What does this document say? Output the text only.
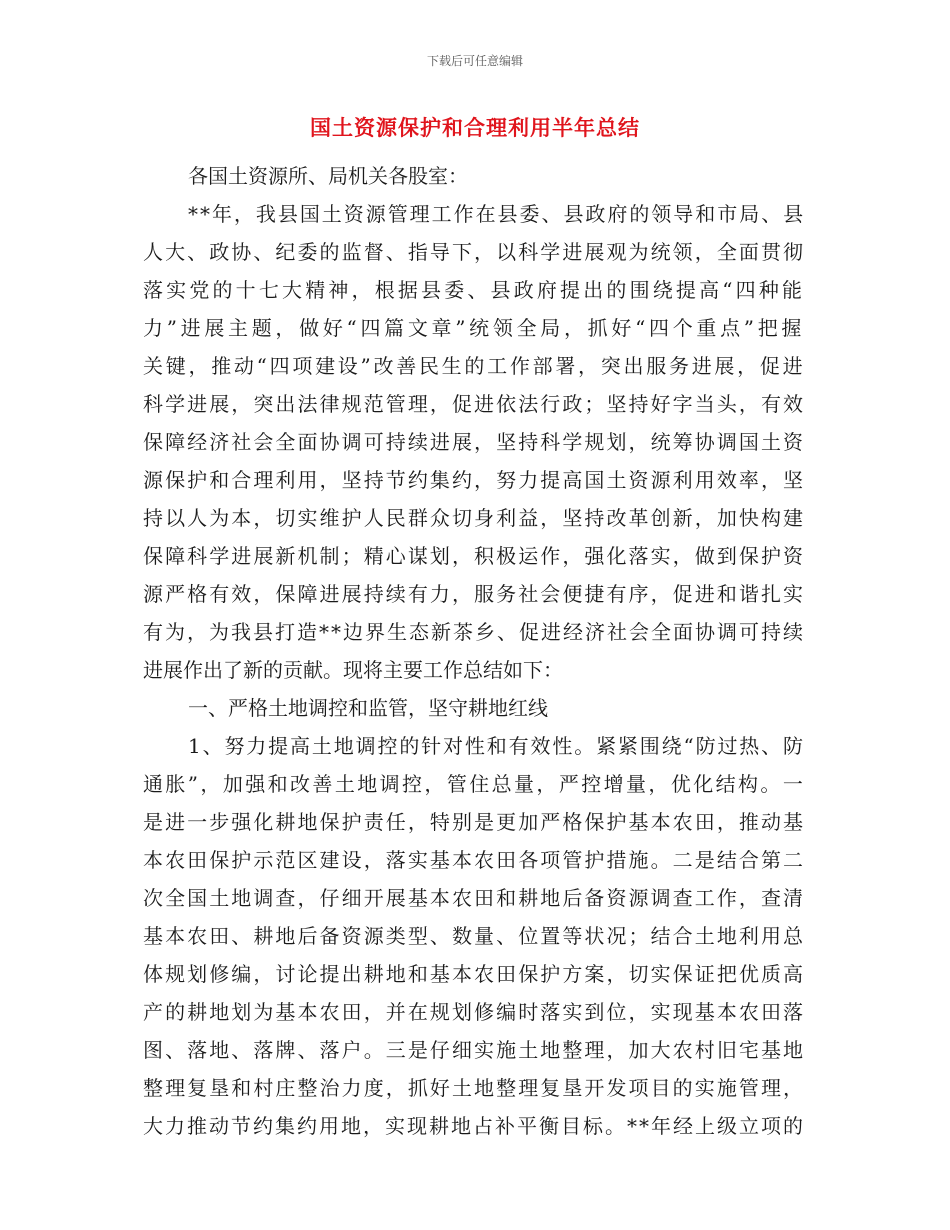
下载后可任意编辑
国土资源保护和合理利用半年总结
各国土资源所、局机关各股室：
**年，我县国土资源管理工作在县委、县政府的领导和市局、县
人大、政协、纪委的监督、指导下，以科学进展观为统领，全面贯彻
落实党的十七大精神，根据县委、县政府提出的围绕提高“四种能
力”进展主题，做好“四篇文章”统领全局，抓好“四个重点”把握
关键，推动“四项建设”改善民生的工作部署，突出服务进展，促进
科学进展，突出法律规范管理，促进依法行政；坚持好字当头，有效
保障经济社会全面协调可持续进展，坚持科学规划，统筹协调国土资
源保护和合理利用，坚持节约集约，努力提高国土资源利用效率，坚
持以人为本，切实维护人民群众切身利益，坚持改革创新，加快构建
保障科学进展新机制；精心谋划，积极运作，强化落实，做到保护资
源严格有效，保障进展持续有力，服务社会便捷有序，促进和谐扎实
有为，为我县打造**边界生态新茶乡、促进经济社会全面协调可持续
进展作出了新的贡献。现将主要工作总结如下：
一、严格土地调控和监管，坚守耕地红线
1、努力提高土地调控的针对性和有效性。紧紧围绕“防过热、防
通胀”，加强和改善土地调控，管住总量，严控增量，优化结构。一
是进一步强化耕地保护责任，特别是更加严格保护基本农田，推动基
本农田保护示范区建设，落实基本农田各项管护措施。二是结合第二
次全国土地调查，仔细开展基本农田和耕地后备资源调查工作，查清
基本农田、耕地后备资源类型、数量、位置等状况；结合土地利用总
体规划修编，讨论提出耕地和基本农田保护方案，切实保证把优质高
产的耕地划为基本农田，并在规划修编时落实到位，实现基本农田落
图、落地、落牌、落户。三是仔细实施土地整理，加大农村旧宅基地
整理复垦和村庄整治力度，抓好土地整理复垦开发项目的实施管理，
大力推动节约集约用地，实现耕地占补平衡目标。**年经上级立项的
